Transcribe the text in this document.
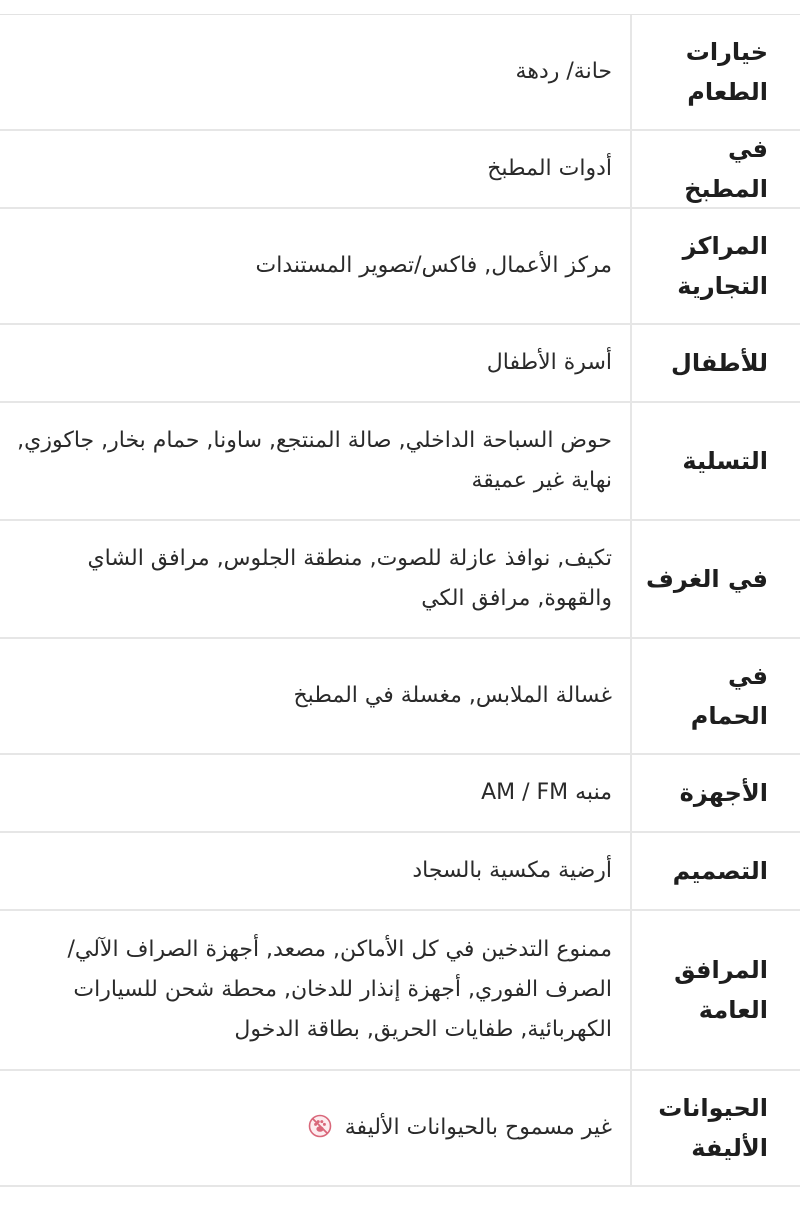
خيارات الطعام
حانة/ ردهة
في المطبخ
أدوات المطبخ
المراكز التجارية
مركز الأعمال, فاكس/تصوير المستندات
للأطفال
أسرة الأطفال
التسلية
حوض السباحة الداخلي, صالة المنتجع, ساونا, حمام بخار, جاكوزي, نهاية غير عميقة
في الغرف
تكيف, نوافذ عازلة للصوت, منطقة الجلوس, مرافق الشاي والقهوة, مرافق الكي
في الحمام
غسالة الملابس, مغسلة في المطبخ
الأجهزة
منبه AM / FM
التصميم
أرضية مكسية بالسجاد
المرافق العامة
ممنوع التدخين في كل الأماكن, مصعد, أجهزة الصراف الآلي/الصرف الفوري, أجهزة إنذار للدخان, محطة شحن للسيارات الكهربائية, طفايات الحريق, بطاقة الدخول
الحيوانات الأليفة
غير مسموح بالحيوانات الأليفة
